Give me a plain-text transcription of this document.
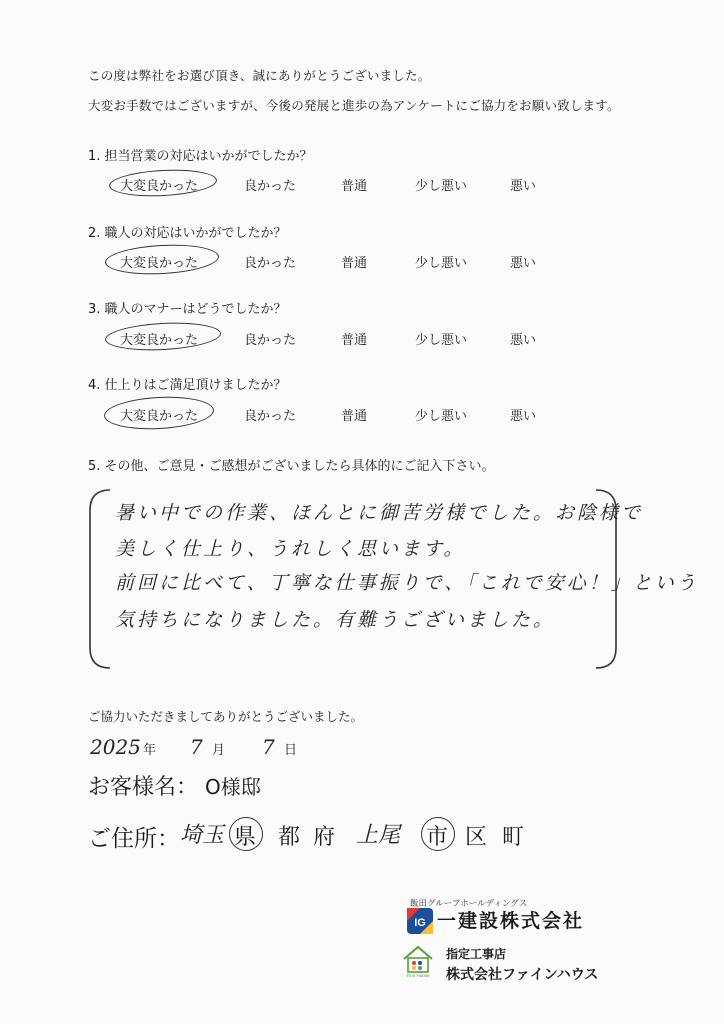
この度は弊社をお選び頂き、誠にありがとうございました。
大変お手数ではございますが、今後の発展と進歩の為アンケートにご協力をお願い致します。
1. 担当営業の対応はいかがでしたか？
大変良かった	良かった	普通	少し悪い	悪い
2. 職人の対応はいかがでしたか？
大変良かった	良かった	普通	少し悪い	悪い
3. 職人のマナーはどうでしたか？
大変良かった	良かった	普通	少し悪い	悪い
4. 仕上りはご満足頂けましたか？
大変良かった	良かった	普通	少し悪い	悪い
5. その他、ご意見・ご感想がございましたら具体的にご記入下さい。
暑い中での作業、ほんとに御苦労様でした。お陰様で
美しく仕上り、うれしく思います。
前回に比べて、丁寧な仕事振りで、「これで安心！」という
気持ちになりました。有難うございました。
ご協力いただきましてありがとうございました。
2025 年 7 月 7 日
お客様名： O様邸
ご住所： 埼玉 県 都 府 上尾 市 区 町
IG
飯田グループホールディングス
一建設株式会社
Fine House
指定工事店
株式会社ファインハウス
